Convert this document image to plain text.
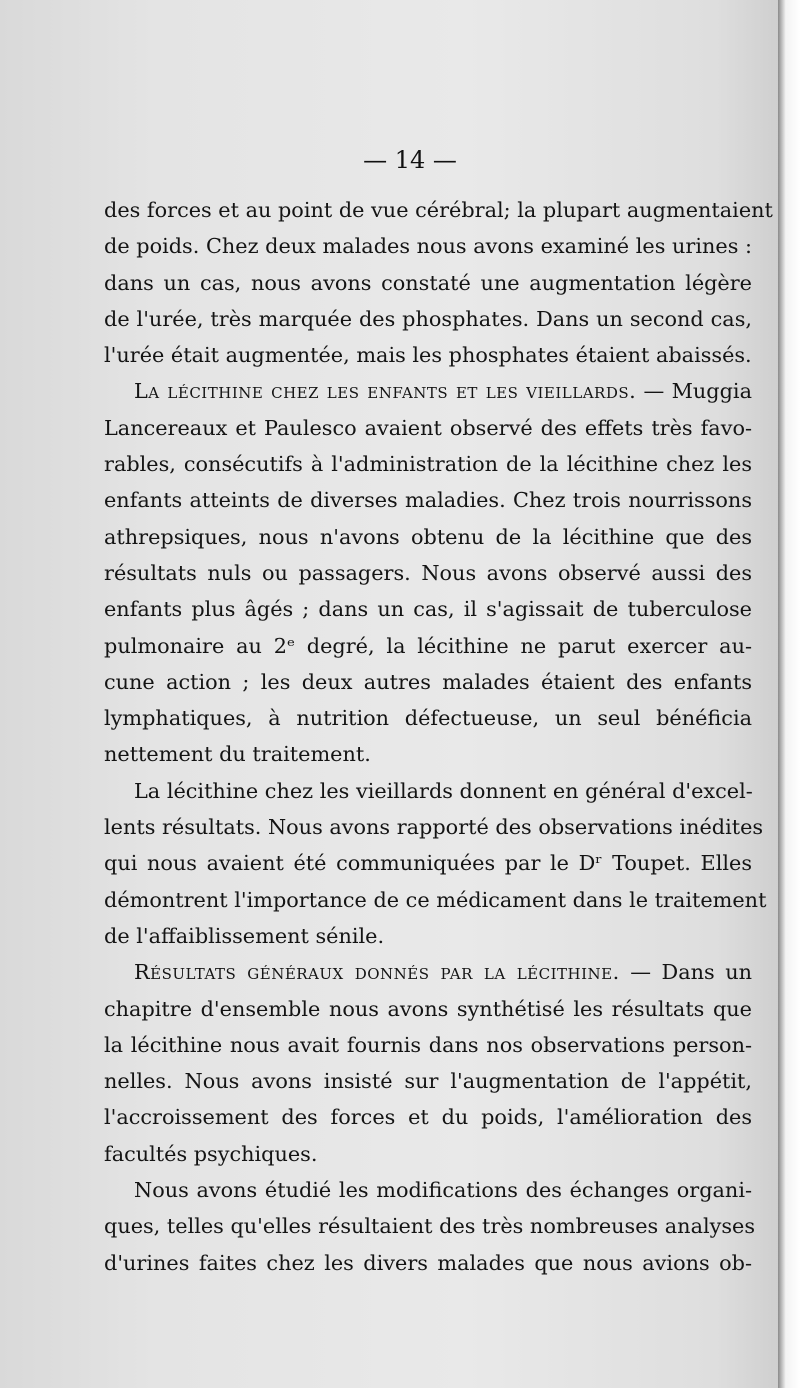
— 14 —
des forces et au point de vue cérébral; la plupart augmentaient
de poids. Chez deux malades nous avons examiné les urines :
dans un cas, nous avons constaté une augmentation légère
de l'urée, très marquée des phosphates. Dans un second cas,
l'urée était augmentée, mais les phosphates étaient abaissés.
La lécithine chez les enfants et les vieillards. — Muggia
Lancereaux et Paulesco avaient observé des effets très favo-
rables, consécutifs à l'administration de la lécithine chez les
enfants atteints de diverses maladies. Chez trois nourrissons
athrepsiques, nous n'avons obtenu de la lécithine que des
résultats nuls ou passagers. Nous avons observé aussi des
enfants plus âgés ; dans un cas, il s'agissait de tuberculose
pulmonaire au 2ᵉ degré, la lécithine ne parut exercer au-
cune action ; les deux autres malades étaient des enfants
lymphatiques, à nutrition défectueuse, un seul bénéficia
nettement du traitement.
La lécithine chez les vieillards donnent en général d'excel-
lents résultats. Nous avons rapporté des observations inédites
qui nous avaient été communiquées par le Dʳ Toupet. Elles
démontrent l'importance de ce médicament dans le traitement
de l'affaiblissement sénile.
Résultats généraux donnés par la lécithine. — Dans un
chapitre d'ensemble nous avons synthétisé les résultats que
la lécithine nous avait fournis dans nos observations person-
nelles. Nous avons insisté sur l'augmentation de l'appétit,
l'accroissement des forces et du poids, l'amélioration des
facultés psychiques.
Nous avons étudié les modifications des échanges organi-
ques, telles qu'elles résultaient des très nombreuses analyses
d'urines faites chez les divers malades que nous avions ob-
